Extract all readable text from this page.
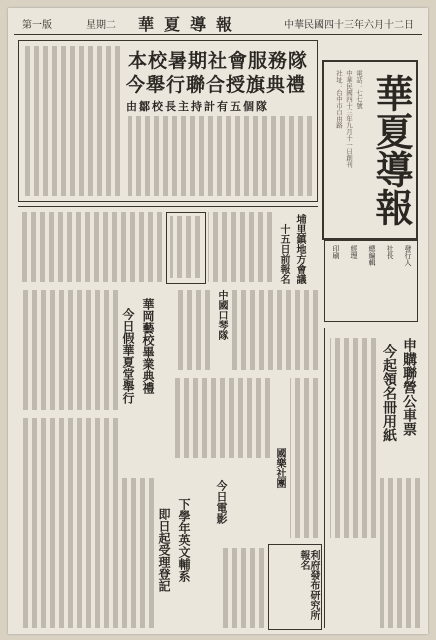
第一版	星期二 華夏導報	中華民國四十三年六月十二日
華夏導報
中華民國四十三年九月十一日創刊
社址：台中市自由路 電話：七七號
發行人
社長
總編輯
經理
印刷
本校暑期社會服務隊
今舉行聯合授旗典禮
由鄒校長主持計有五個隊
埔里鎮地方會議
十五日前報名
中國口琴隊
華岡藝校畢業典禮
今日假華夏堂舉行	申購聯營公車票
今起領名冊用紙
國樂社團
今日電影
下學年英文輔系
即日起受理登記	利府發布研究所報名
